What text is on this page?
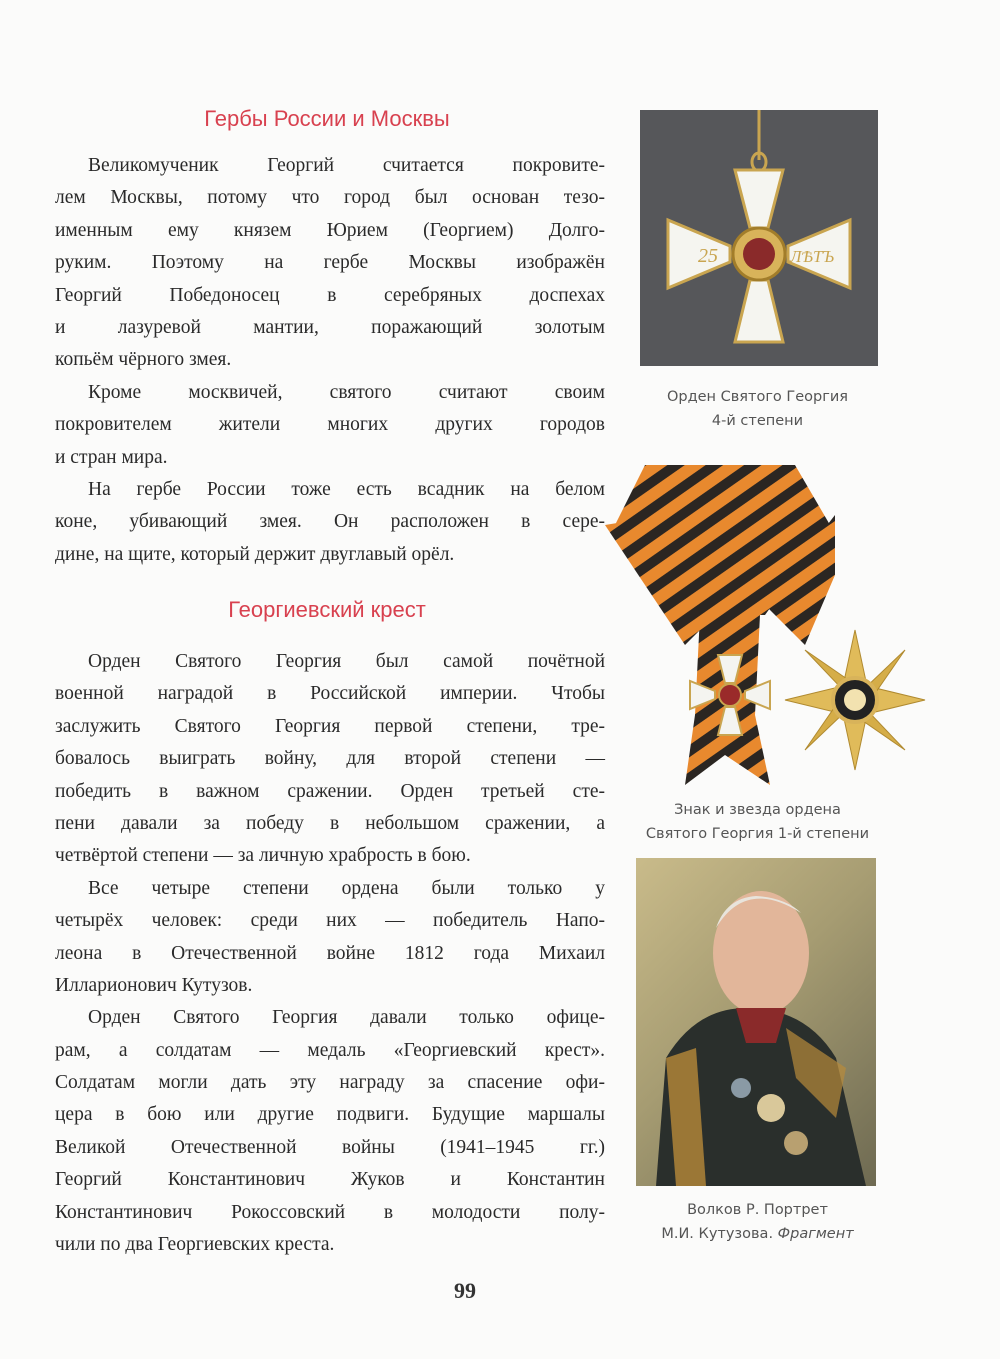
Гербы России и Москвы
Великомученик Георгий считается покровите-
лем Москвы, потому что город был основан тезо-
именным ему князем Юрием (Георгием) Долго-
руким. Поэтому на гербе Москвы изображён
Георгий Победоносец в серебряных доспехах
и лазуревой мантии, поражающий золотым
копьём чёрного змея.
Кроме москвичей, святого считают своим
покровителем жители многих других городов
и стран мира.
На гербе России тоже есть всадник на белом
коне, убивающий змея. Он расположен в сере-
дине, на щите, который держит двуглавый орёл.
Георгиевский крест
Орден Святого Георгия был самой почётной
военной наградой в Российской империи. Чтобы
заслужить Святого Георгия первой степени, тре-
бовалось выиграть войну, для второй степени —
победить в важном сражении. Орден третьей сте-
пени давали за победу в небольшом сражении, а
четвёртой степени — за личную храбрость в бою.
Все четыре степени ордена были только у
четырёх человек: среди них — победитель Напо-
леона в Отечественной войне 1812 года Михаил
Илларионович Кутузов.
Орден Святого Георгия давали только офице-
рам, а солдатам — медаль «Георгиевский крест».
Солдатам могли дать эту награду за спасение офи-
цера в бою или другие подвиги. Будущие маршалы
Великой Отечественной войны (1941–1945 гг.)
Георгий Константинович Жуков и Константин
Константинович Рокоссовский в молодости полу-
чили по два Георгиевских креста.
25	ЛѢТЪ
Орден Святого Георгия
4-й степени
Знак и звезда ордена
Святого Георгия 1-й степени
Волков Р. Портрет
М.И. Кутузова. Фрагмент
99
